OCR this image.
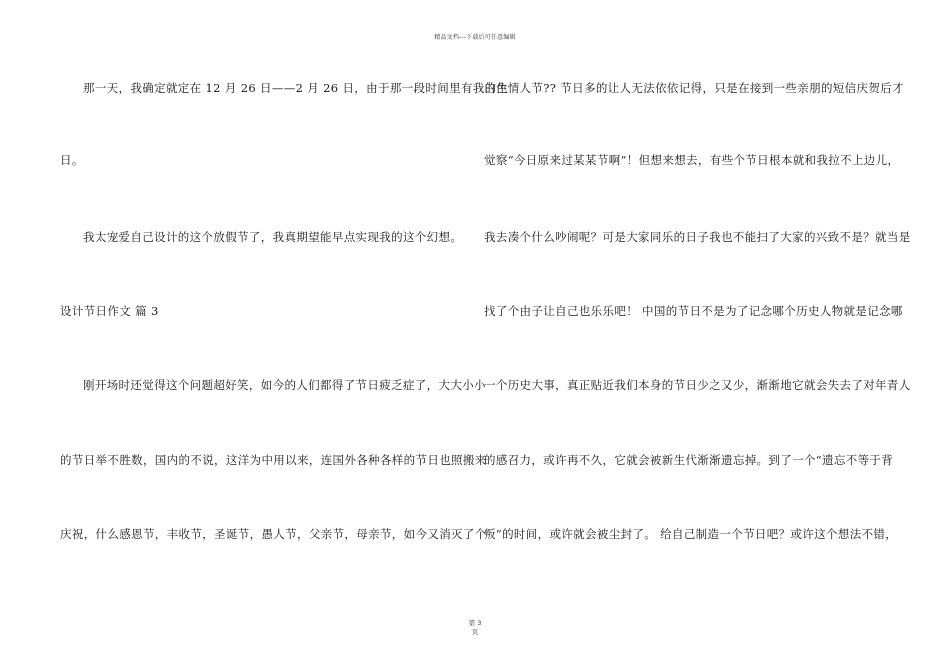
精品文档---下载后可任意编辑
那一天，我确定就定在 12 月 26 日——2 月 26 日，由于那一段时间里有我的生
日。
我太宠爱自己设计的这个放假节了，我真期望能早点实现我的这个幻想。
设计节日作文 篇 3
刚开场时还觉得这个问题超好笑，如今的人们都得了节日疲乏症了，大大小小
的节日举不胜数，国内的不说，这洋为中用以来，连国外各种各样的节日也照搬来
庆祝，什么感恩节，丰收节，圣诞节，愚人节，父亲节，母亲节，如今又消灭了个
白色情人节?? 节日多的让人无法依依记得，只是在接到一些亲朋的短信庆贺后才
觉察“今日原来过某某节啊”！但想来想去，有些个节日根本就和我拉不上边儿，
我去凑个什么吵闹呢？可是大家同乐的日子我也不能扫了大家的兴致不是？就当是
找了个由子让自己也乐乐吧！ 中国的节日不是为了记念哪个历史人物就是记念哪
一个历史大事，真正贴近我们本身的节日少之又少，渐渐地它就会失去了对年青人
的感召力，或许再不久，它就会被新生代渐渐遗忘掉。到了一个“遗忘不等于背
叛”的时间，或许就会被尘封了。 给自己制造一个节日吧？或许这个想法不错，
第 3
页
